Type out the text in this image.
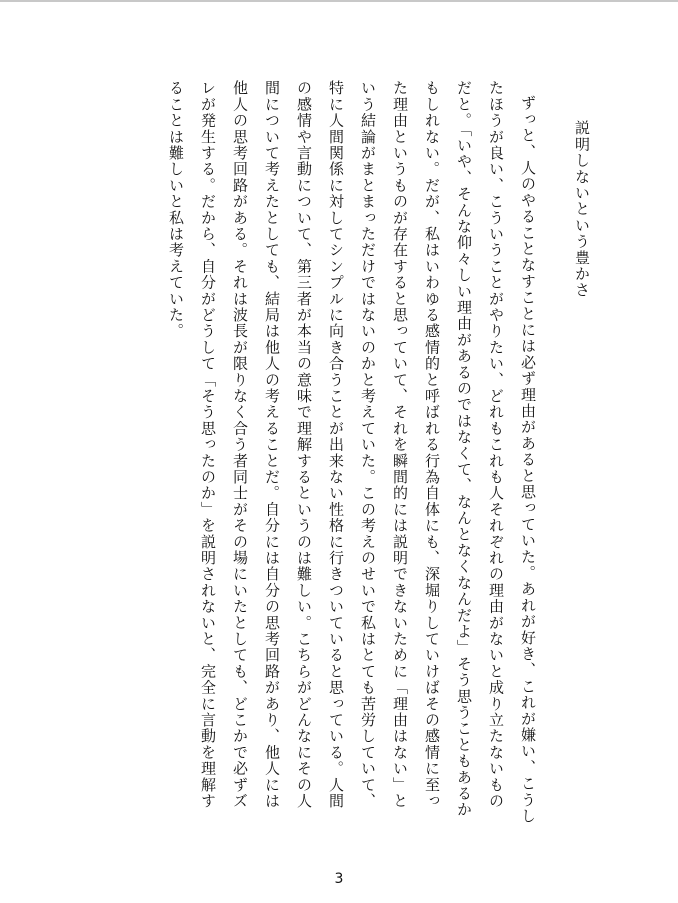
説明しないという豊かさ

ずっと、人のやることなすことには必ず理由があると思っていた。あれが好き、これが嫌い、こうしたほうが良い、こういうことがやりたい、どれもこれも人それぞれの理由がないと成り立たないものだと。「いや、そんな仰々しい理由があるのではなくて、なんとなくなんだよ」そう思うこともあるかもしれない。だが、私はいわゆる感情的と呼ばれる行為自体にも、深堀りしていけばその感情に至った理由というものが存在すると思っていて、それを瞬間的には説明できないために「理由はない」という結論がまとまっただけではないのかと考えていた。この考えのせいで私はとても苦労していて、特に人間関係に対してシンプルに向き合うことが出来ない性格に行きついていると思っている。人間の感情や言動について、第三者が本当の意味で理解するというのは難しい。こちらがどんなにその人間について考えたとしても、結局は他人の考えることだ。自分には自分の思考回路があり、他人には他人の思考回路がある。それは波長が限りなく合う者同士がその場にいたとしても、どこかで必ずズレが発生する。だから、自分がどうして「そう思ったのか」を説明されないと、完全に言動を理解することは難しいと私は考えていた。

3
